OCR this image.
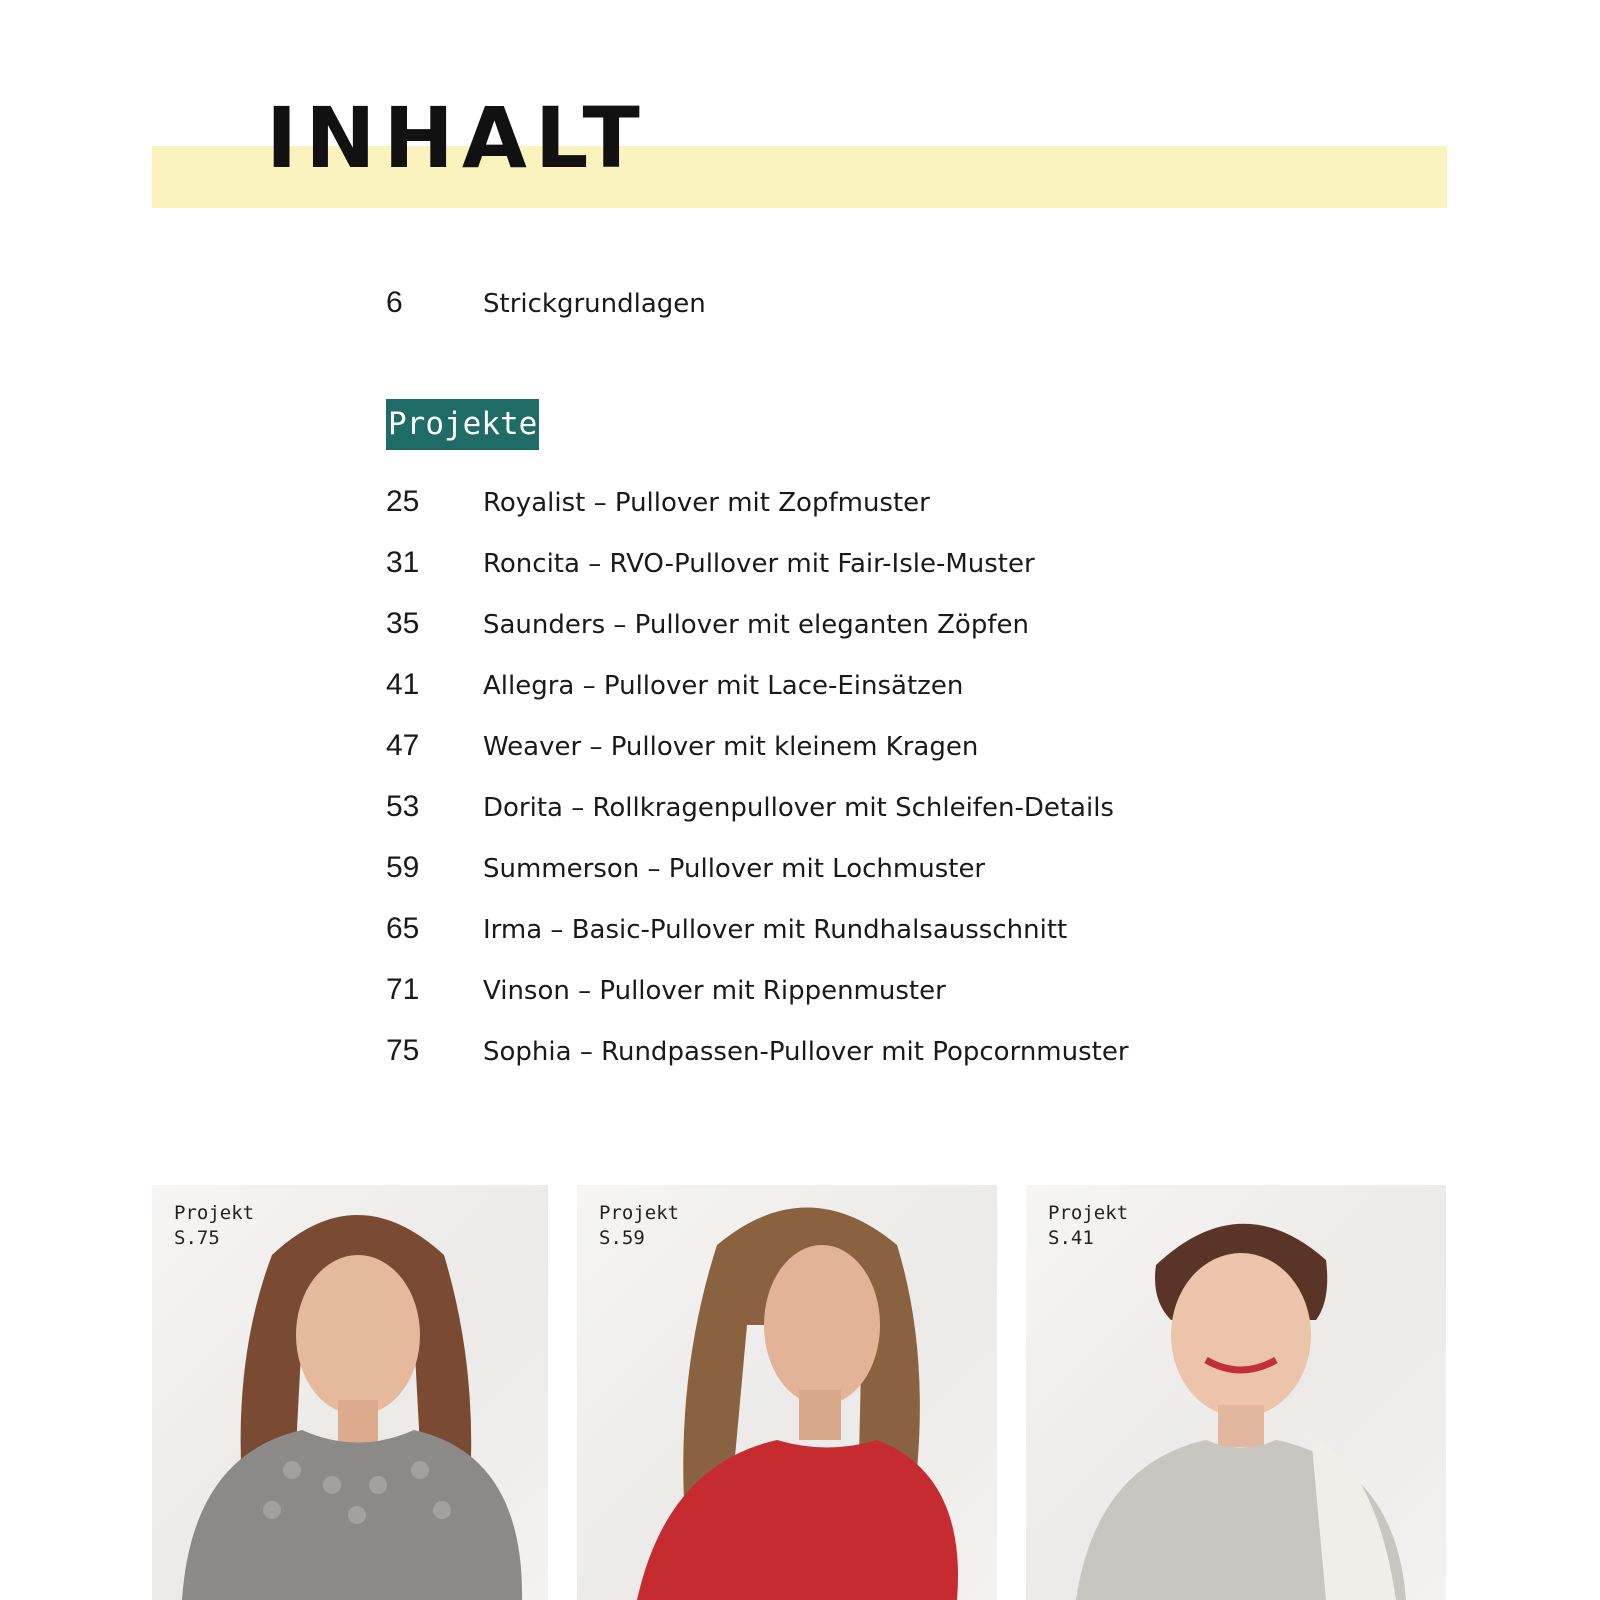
INHALT
6	Strickgrundlagen
Projekte
25	Royalist – Pullover mit Zopfmuster
31	Roncita – RVO-Pullover mit Fair-Isle-Muster
35	Saunders – Pullover mit eleganten Zöpfen
41	Allegra – Pullover mit Lace-Einsätzen
47	Weaver – Pullover mit kleinem Kragen
53	Dorita – Rollkragenpullover mit Schleifen-Details
59	Summerson – Pullover mit Lochmuster
65	Irma – Basic-Pullover mit Rundhalsausschnitt
71	Vinson – Pullover mit Rippenmuster
75	Sophia – Rundpassen-Pullover mit Popcornmuster
Projekt
S.75
Projekt
S.59
Projekt
S.41
